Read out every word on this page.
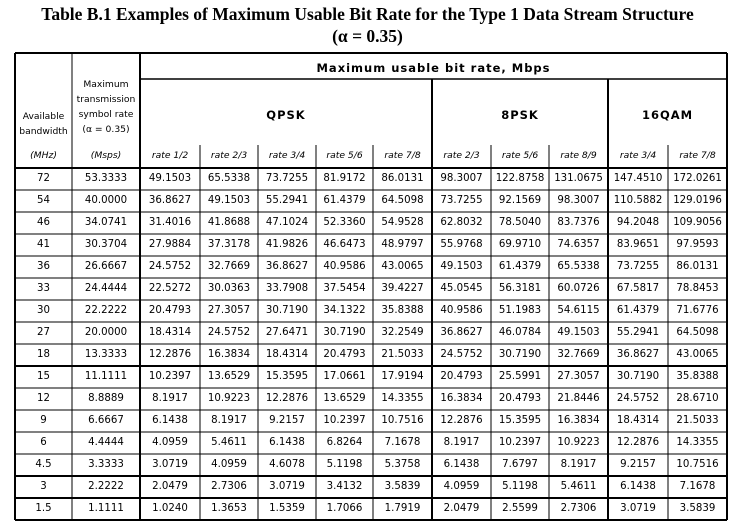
Table B.1 Examples of Maximum Usable Bit Rate for the Type 1 Data Stream Structure
(α = 0.35)
Maximum usable bit rate, Mbps
Available
bandwidth
Maximum
transmission
symbol rate
(α = 0.35)
QPSK	8PSK	16QAM
(MHz)	(Msps)	rate 1/2	rate 2/3	rate 3/4	rate 5/6	rate 7/8	rate 2/3	rate 5/6	rate 8/9	rate 3/4	rate 7/8
72	53.3333	49.1503	65.5338	73.7255	81.9172	86.0131	98.3007	122.8758 131.0675	147.4510	172.0261
54	40.0000	36.8627	49.1503	55.2941	61.4379	64.5098	73.7255	92.1569	98.3007	110.5882	129.0196
46	34.0741	31.4016	41.8688	47.1024	52.3360	54.9528	62.8032	78.5040	83.7376	94.2048	109.9056
41	30.3704	27.9884	37.3178	41.9826	46.6473	48.9797	55.9768	69.9710	74.6357	83.9651	97.9593
36	26.6667	24.5752	32.7669	36.8627	40.9586	43.0065	49.1503	61.4379	65.5338	73.7255	86.0131
33	24.4444	22.5272	30.0363	33.7908	37.5454	39.4227	45.0545	56.3181	60.0726	67.5817	78.8453
30	22.2222	20.4793	27.3057	30.7190	34.1322	35.8388	40.9586	51.1983	54.6115	61.4379	71.6776
27	20.0000	18.4314	24.5752	27.6471	30.7190	32.2549	36.8627	46.0784	49.1503	55.2941	64.5098
18	13.3333	12.2876	16.3834	18.4314	20.4793	21.5033	24.5752	30.7190	32.7669	36.8627	43.0065
15	11.1111	10.2397	13.6529	15.3595	17.0661	17.9194	20.4793	25.5991	27.3057	30.7190	35.8388
12	8.8889	8.1917	10.9223	12.2876	13.6529	14.3355	16.3834	20.4793	21.8446	24.5752	28.6710
9	6.6667	6.1438	8.1917	9.2157	10.2397	10.7516	12.2876	15.3595	16.3834	18.4314	21.5033
6	4.4444	4.0959	5.4611	6.1438	6.8264	7.1678	8.1917	10.2397	10.9223	12.2876	14.3355
4.5	3.3333	3.0719	4.0959	4.6078	5.1198	5.3758	6.1438	7.6797	8.1917	9.2157	10.7516
3	2.2222	2.0479	2.7306	3.0719	3.4132	3.5839	4.0959	5.1198	5.4611	6.1438	7.1678
1.5	1.1111	1.0240	1.3653	1.5359	1.7066	1.7919	2.0479	2.5599	2.7306	3.0719	3.5839
